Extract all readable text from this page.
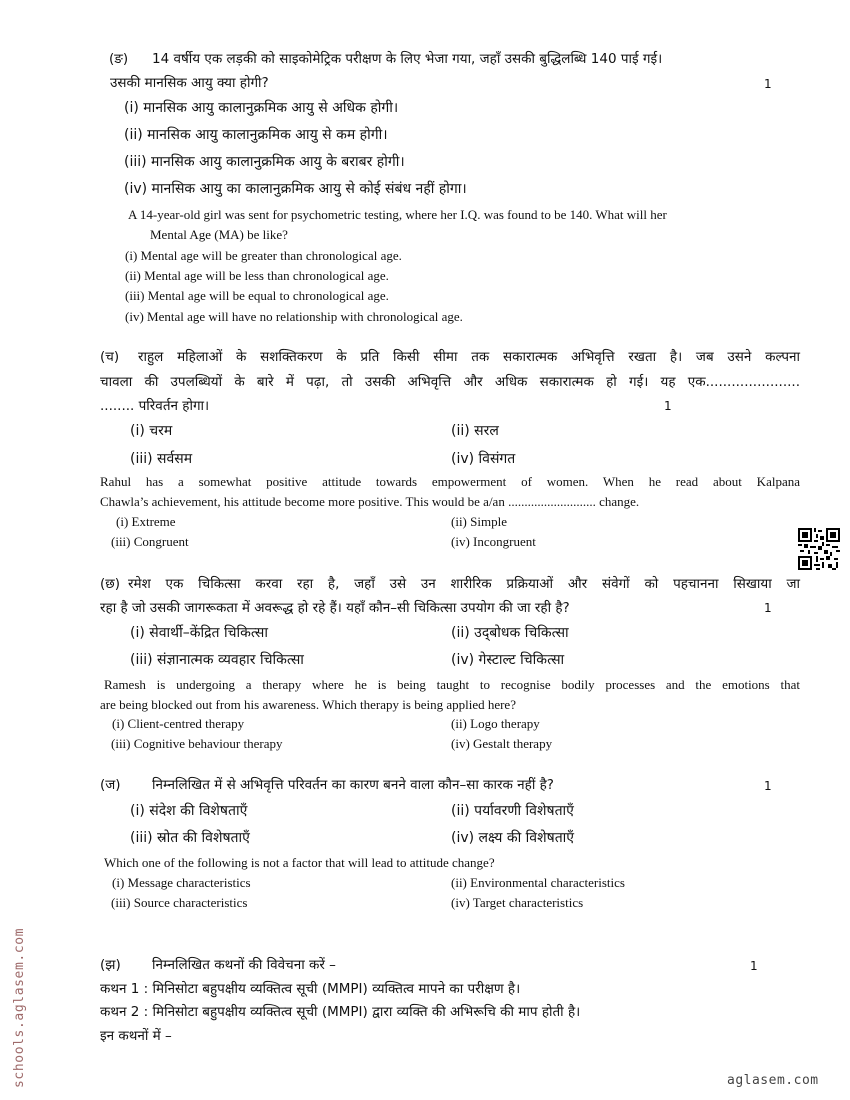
(ङ) 14 वर्षीय एक लड़की को साइकोमेट्रिक परीक्षण के लिए भेजा गया, जहाँ उसकी बुद्धिलब्धि 140 पाई गई।
उसकी मानसिक आयु क्या होगी?	1
(i) मानसिक आयु कालानुक्रमिक आयु से अधिक होगी।
(ii) मानसिक आयु कालानुक्रमिक आयु से कम होगी।
(iii) मानसिक आयु कालानुक्रमिक आयु के बराबर होगी।
(iv) मानसिक आयु का कालानुक्रमिक आयु से कोई संबंध नहीं होगा।
A 14-year-old girl was sent for psychometric testing, where her I.Q. was found to be 140. What will her
Mental Age (MA) be like?
(i) Mental age will be greater than chronological age.
(ii) Mental age will be less than chronological age.
(iii) Mental age will be equal to chronological age.
(iv) Mental age will have no relationship with chronological age.
(च) राहुल महिलाओं के सशक्तिकरण के प्रति किसी सीमा तक सकारात्मक अभिवृत्ति रखता है। जब उसने कल्पना
चावला की उपलब्धियों के बारे में पढ़ा, तो उसकी अभिवृत्ति और अधिक सकारात्मक हो गई। यह एक......................
........ परिवर्तन होगा।	1
(i) चरम	(ii) सरल
(iii) सर्वसम	(iv) विसंगत
Rahul has a somewhat positive attitude towards empowerment of women. When he read about Kalpana
Chawla’s achievement, his attitude become more positive. This would be a/an ........................... change.
(i) Extreme	(ii) Simple
(iii) Congruent	(iv) Incongruent
(छ) रमेश एक चिकित्सा करवा रहा है, जहाँ उसे उन शारीरिक प्रक्रियाओं और संवेगों को पहचानना सिखाया जा
रहा है जो उसकी जागरूकता में अवरूद्ध हो रहे हैं। यहाँ कौन–सी चिकित्सा उपयोग की जा रही है?	1
(i) सेवार्थी–केंद्रित चिकित्सा	(ii) उद्‌बोधक चिकित्सा
(iii) संज्ञानात्मक व्यवहार चिकित्सा	(iv) गेस्टाल्ट चिकित्सा
Ramesh is undergoing a therapy where he is being taught to recognise bodily processes and the emotions that
are being blocked out from his awareness. Which therapy is being applied here?
(i) Client-centred therapy	(ii) Logo therapy
(iii) Cognitive behaviour therapy	(iv) Gestalt therapy
(ज) निम्नलिखित में से अभिवृत्ति परिवर्तन का कारण बनने वाला कौन–सा कारक नहीं है?	1
(i) संदेश की विशेषताएँ	(ii) पर्यावरणी विशेषताएँ
(iii) स्रोत की विशेषताएँ	(iv) लक्ष्य की विशेषताएँ
Which one of the following is not a factor that will lead to attitude change?
(i) Message characteristics	(ii) Environmental characteristics
(iii) Source characteristics	(iv) Target characteristics
(झ) निम्नलिखित कथनों की विवेचना करें –	1
कथन 1 : मिनिसोटा बहुपक्षीय व्यक्तित्व सूची (MMPI) व्यक्तित्व मापने का परीक्षण है।
कथन 2 : मिनिसोटा बहुपक्षीय व्यक्तित्व सूची (MMPI) द्वारा व्यक्ति की अभिरूचि की माप होती है।
इन कथनों में –
schools.aglasem.com	aglasem.com
